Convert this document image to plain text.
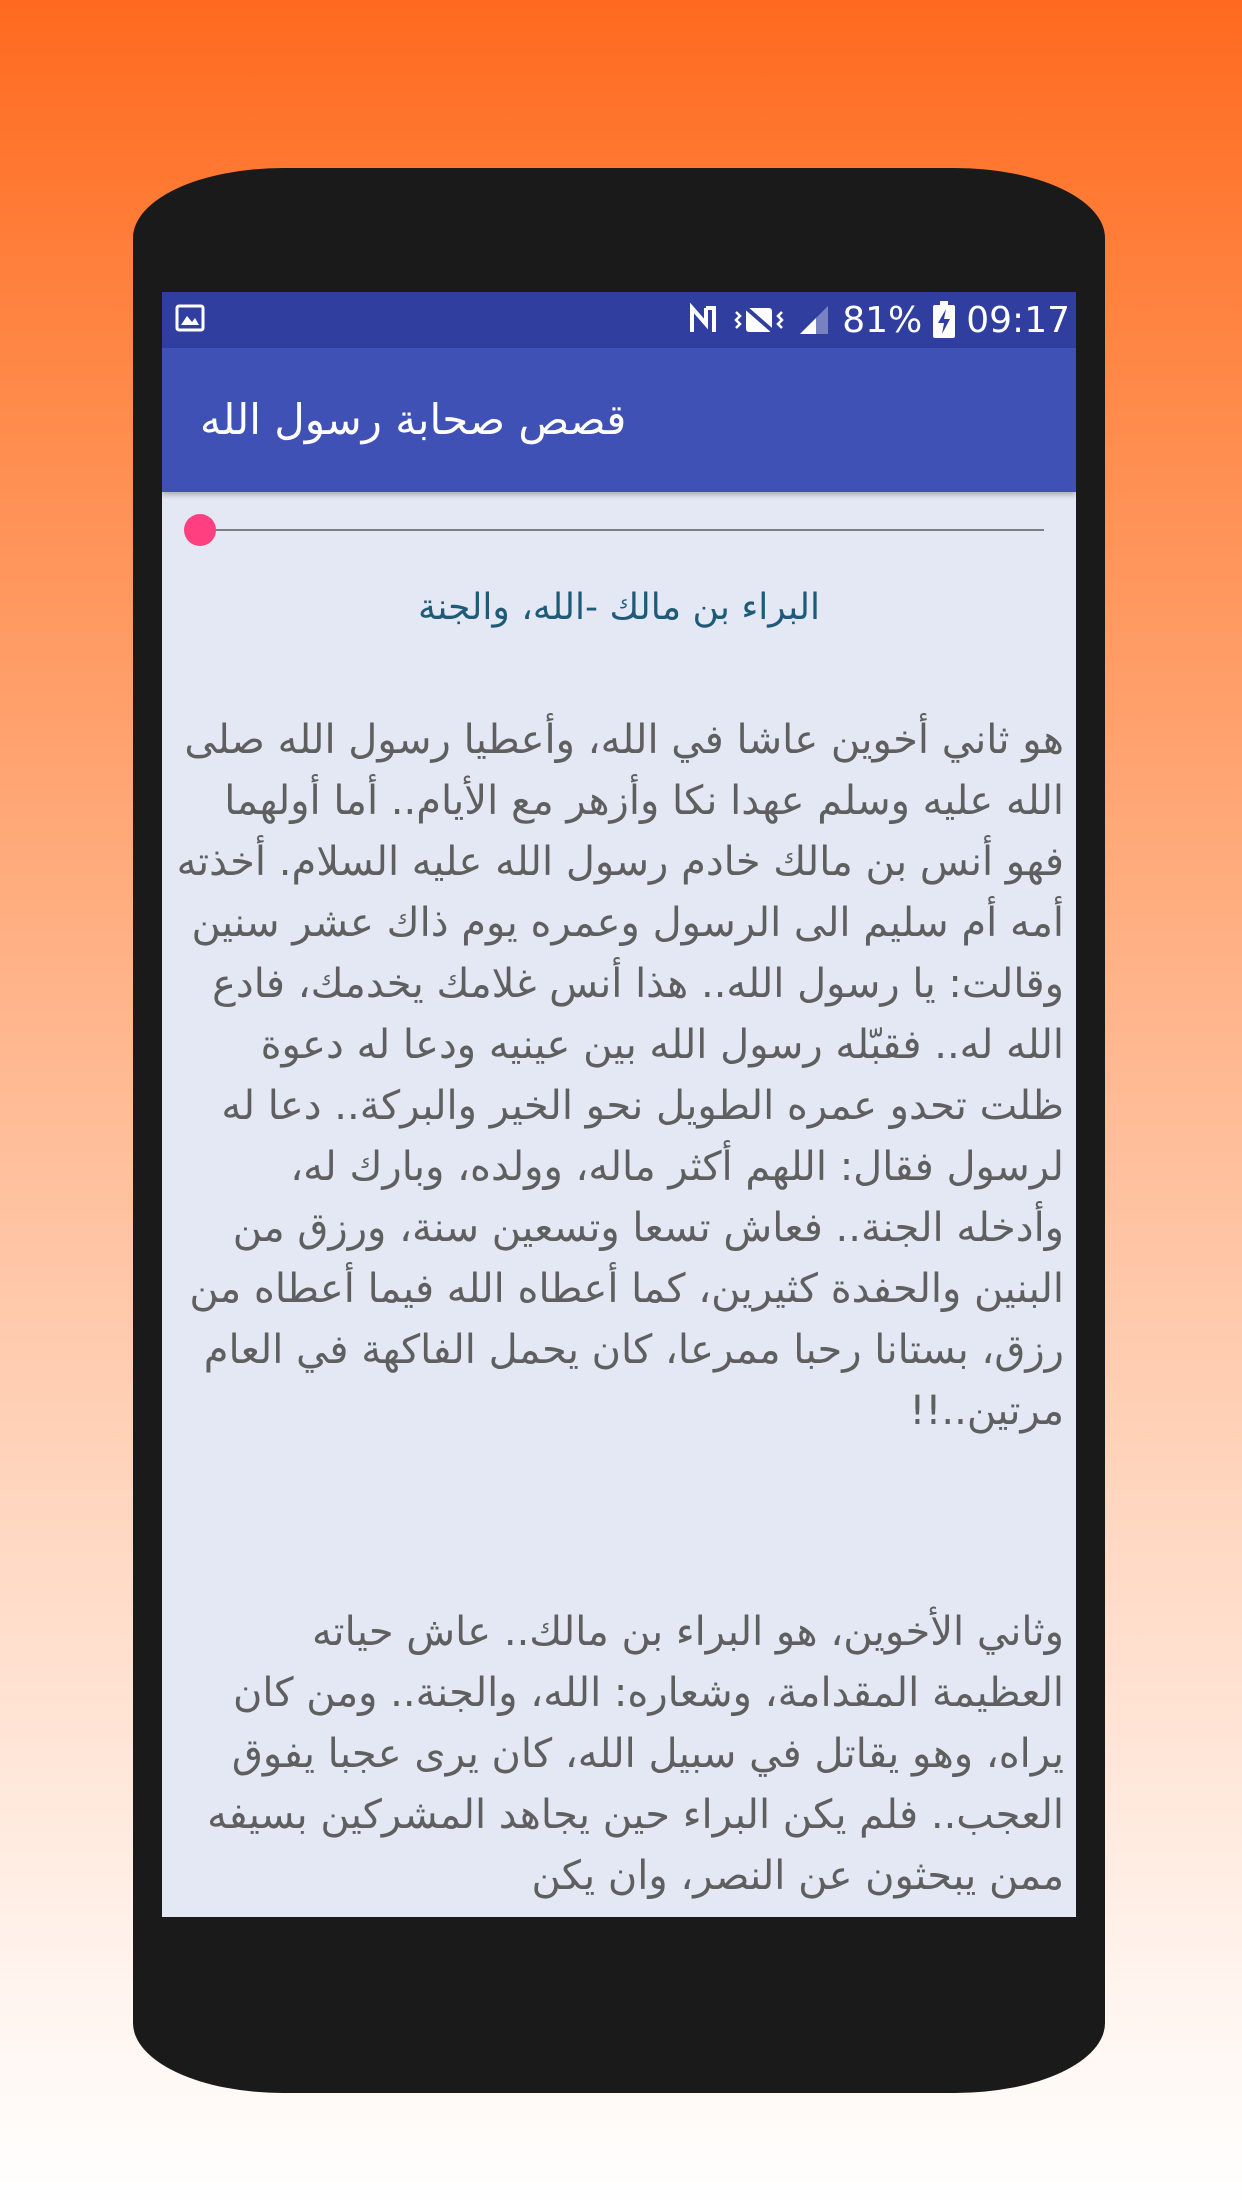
81% 09:17
قصص صحابة رسول الله
البراء بن مالك -الله، والجنة

هو ثاني أخوين عاشا في الله، وأعطيا رسول الله صلى الله عليه وسلم عهدا نكا وأزهر مع الأيام.. أما أولهما فهو أنس بن مالك خادم رسول الله عليه السلام. أخذته أمه أم سليم الى الرسول وعمره يوم ذاك عشر سنين وقالت: يا رسول الله.. هذا أنس غلامك يخدمك، فادع الله له.. فقبّله رسول الله بين عينيه ودعا له دعوة ظلت تحدو عمره الطويل نحو الخير والبركة.. دعا له لرسول فقال: اللهم أكثر ماله، وولده، وبارك له، وأدخله الجنة.. فعاش تسعا وتسعين سنة، ورزق من البنين والحفدة كثيرين، كما أعطاه الله فيما أعطاه من رزق، بستانا رحبا ممرعا، كان يحمل الفاكهة في العام مرتين..!!

وثاني الأخوين، هو البراء بن مالك.. عاش حياته العظيمة المقدامة، وشعاره: الله، والجنة.. ومن كان يراه، وهو يقاتل في سبيل الله، كان يرى عجبا يفوق العجب.. فلم يكن البراء حين يجاهد المشركين بسيفه ممن يبحثون عن النصر، وان يكن
